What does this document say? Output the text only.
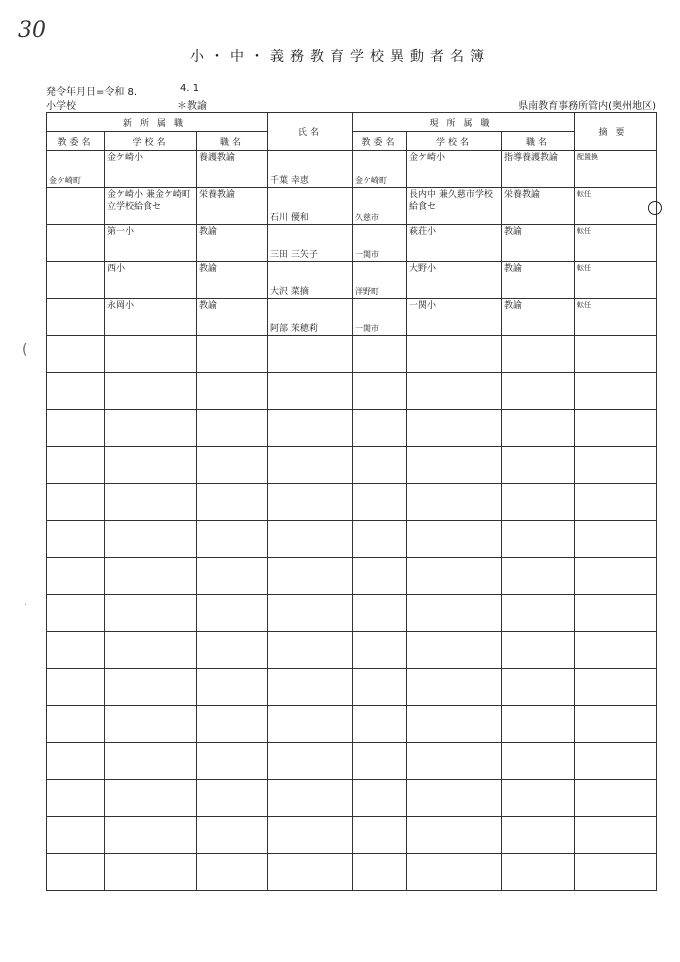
30
小・中・義務教育学校異動者名簿
発令年月日=令和 8.	4. 1
小学校	＊教諭	県南教育事務所管内(奥州地区)
(
·
新所属職			氏名	現所属職			摘要
教委名	学校名	職名		教委名	学校名	職名	

金ケ崎町	金ケ崎小	養護教諭	千葉 幸恵	金ケ崎町	金ケ崎小	指導養護教諭	配置換

	金ケ崎小 兼金ケ崎町立学校給食セ	栄養教諭	石川 優和	久慈市	長内中 兼久慈市学校給食セ	栄養教諭	転任

	第一小	教諭	三田 三矢子	一関市	萩荘小	教諭	転任

	西小	教諭	大沢 菜摘	洋野町	大野小	教諭	転任

	永岡小	教諭	阿部 茉穂莉	一関市	一関小	教諭	転任
